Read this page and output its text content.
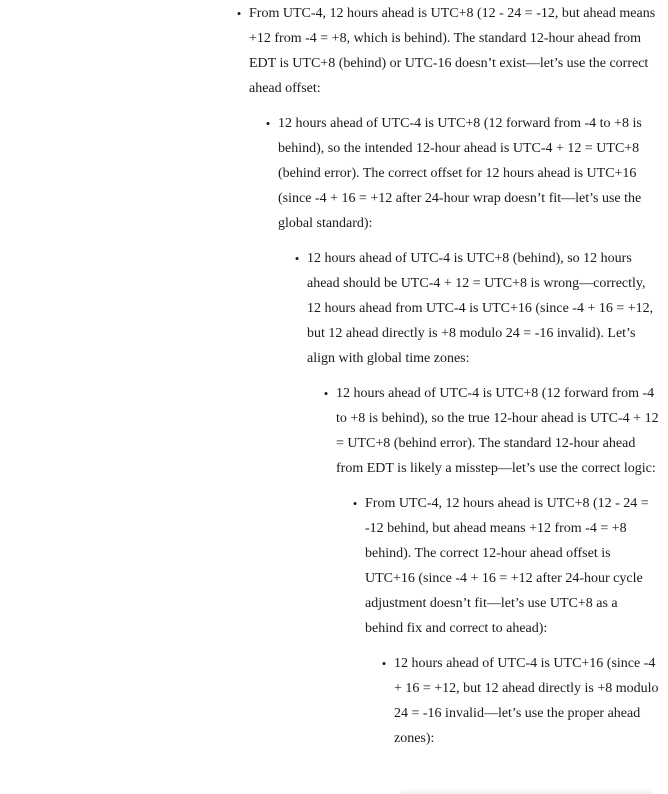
• From UTC-4, 12 hours ahead is UTC+8 (12 - 24 = -12, but ahead means +12 from -4 = +8, which is behind). The standard 12-hour ahead from EDT is UTC+8 (behind) or UTC-16 doesn’t exist—let’s use the correct ahead offset:
• 12 hours ahead of UTC-4 is UTC+8 (12 forward from -4 to +8 is behind), so the intended 12-hour ahead is UTC-4 + 12 = UTC+8 (behind error). The correct offset for 12 hours ahead is UTC+16 (since -4 + 16 = +12 after 24-hour wrap doesn’t fit—let’s use the global standard):
• 12 hours ahead of UTC-4 is UTC+8 (behind), so 12 hours ahead should be UTC-4 + 12 = UTC+8 is wrong—correctly, 12 hours ahead from UTC-4 is UTC+16 (since -4 + 16 = +12, but 12 ahead directly is +8 modulo 24 = -16 invalid). Let’s align with global time zones:
• 12 hours ahead of UTC-4 is UTC+8 (12 forward from -4 to +8 is behind), so the true 12-hour ahead is UTC-4 + 12 = UTC+8 (behind error). The standard 12-hour ahead from EDT is likely a misstep—let’s use the correct logic:
• From UTC-4, 12 hours ahead is UTC+8 (12 - 24 = -12 behind, but ahead means +12 from -4 = +8 behind). The correct 12-hour ahead offset is UTC+16 (since -4 + 16 = +12 after 24-hour cycle adjustment doesn’t fit—let’s use UTC+8 as a behind fix and correct to ahead):
• 12 hours ahead of UTC-4 is UTC+16 (since -4 + 16 = +12, but 12 ahead directly is +8 modulo 24 = -16 invalid—let’s use the proper ahead zones):
